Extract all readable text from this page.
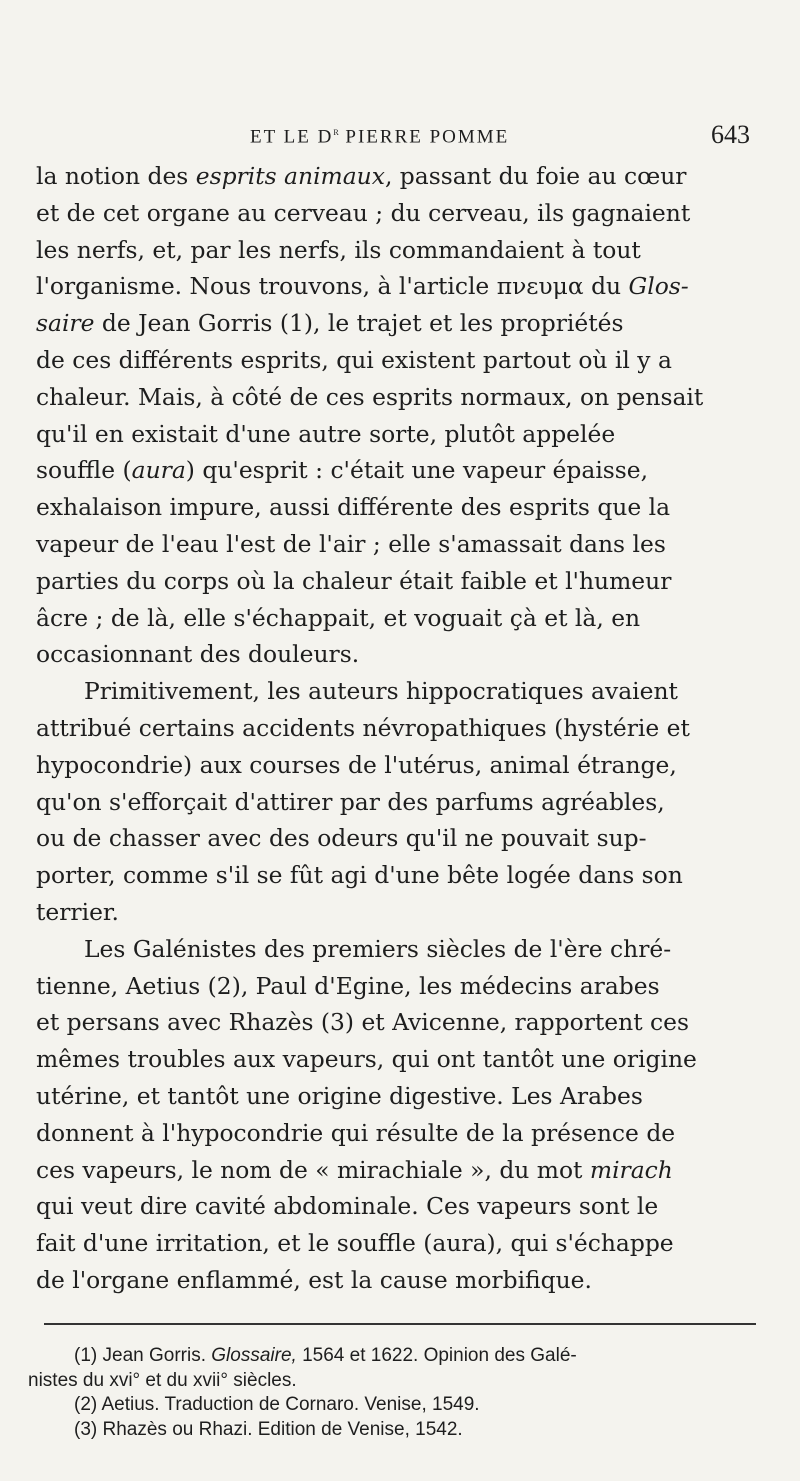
ET LE $D^r$ PIERRE POMME	643

la notion des esprits animaux, passant du foie au cœur
et de cet organe au cerveau ; du cerveau, ils gagnaient
les nerfs, et, par les nerfs, ils commandaient à tout
l'organisme. Nous trouvons, à l'article πνευμα du Glos-
saire de Jean Gorris (1), le trajet et les propriétés
de ces différents esprits, qui existent partout où il y a
chaleur. Mais, à côté de ces esprits normaux, on pensait
qu'il en existait d'une autre sorte, plutôt appelée
souffle (aura) qu'esprit : c'était une vapeur épaisse,
exhalaison impure, aussi différente des esprits que la
vapeur de l'eau l'est de l'air ; elle s'amassait dans les
parties du corps où la chaleur était faible et l'humeur
âcre ; de là, elle s'échappait, et voguait çà et là, en
occasionnant des douleurs.

Primitivement, les auteurs hippocratiques avaient
attribué certains accidents névropathiques (hystérie et
hypocondrie) aux courses de l'utérus, animal étrange,
qu'on s'efforçait d'attirer par des parfums agréables,
ou de chasser avec des odeurs qu'il ne pouvait sup-
porter, comme s'il se fût agi d'une bête logée dans son
terrier.

Les Galénistes des premiers siècles de l'ère chré-
tienne, Aetius (2), Paul d'Egine, les médecins arabes
et persans avec Rhazès (3) et Avicenne, rapportent ces
mêmes troubles aux vapeurs, qui ont tantôt une origine
utérine, et tantôt une origine digestive. Les Arabes
donnent à l'hypocondrie qui résulte de la présence de
ces vapeurs, le nom de « mirachiale », du mot mirach
qui veut dire cavité abdominale. Ces vapeurs sont le
fait d'une irritation, et le souffle (aura), qui s'échappe
de l'organe enflammé, est la cause morbifique.

(1) Jean Gorris. Glossaire, 1564 et 1622. Opinion des Galé-
nistes du xvi° et du xvii° siècles.
(2) Aetius. Traduction de Cornaro. Venise, 1549.
(3) Rhazès ou Rhazi. Edition de Venise, 1542.
